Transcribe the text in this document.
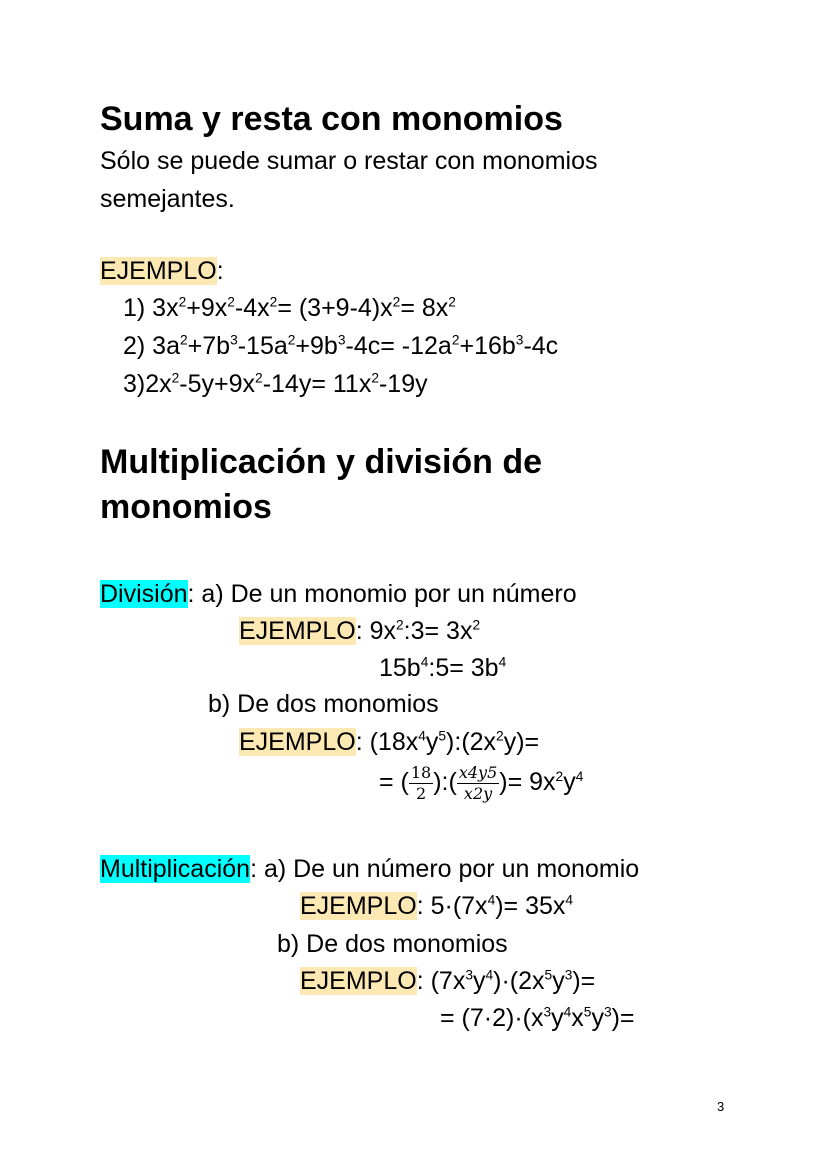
Suma y resta con monomios
Sólo se puede sumar o restar con monomios
semejantes.
EJEMPLO:
1) $3x^2+9x^2-4x^2= (3+9-4)x^2= 8x^2$
2) $3a^2+7b^3-15a^2+9b^3-4c= -12a^2+16b^3-4c$
$3)2x^2-5y+9x^2-14y= 11x^2-19y$
Multiplicación y división de
monomios
División: a) De un monomio por un número
EJEMPLO: $9x^2:3= 3x^2$
$15b^4:5= 3b^4$
b) De dos monomios
EJEMPLO: $(18x^4y^5):(2x^2y)=$
= ( $\frac{18}{2}$ ):( $\frac{x4y5}{x2y}$ )= $9x^2y^4$
Multiplicación: a) De un número por un monomio
EJEMPLO: $5\cdot(7x^4)= 35x^4$
b) De dos monomios
EJEMPLO: $(7x^3y^4)\cdot(2x^5y^3)=$
= $(7\cdot 2)\cdot(x^3y^4x^5y^3)=$
3
